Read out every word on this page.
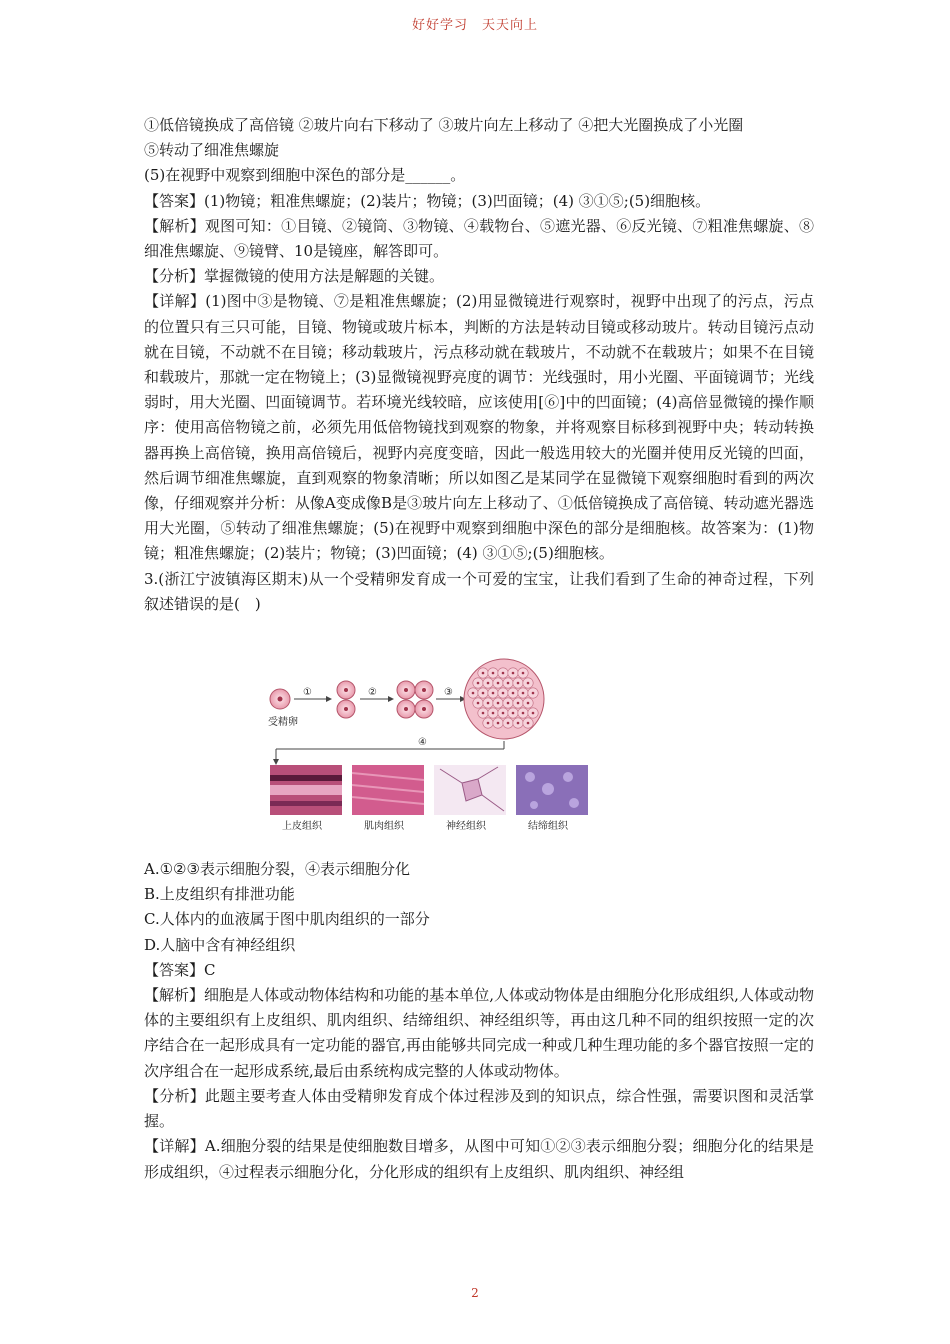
好好学习　天天向上

①低倍镜换成了高倍镜 ②玻片向右下移动了 ③玻片向左上移动了 ④把大光圈换成了小光圈

⑤转动了细准焦螺旋

(5)在视野中观察到细胞中深色的部分是______。

【答案】(1)物镜；粗准焦螺旋；(2)装片；物镜；(3)凹面镜；(4) ③①⑤;(5)细胞核。

【解析】观图可知：①目镜、②镜筒、③物镜、④载物台、⑤遮光器、⑥反光镜、⑦粗准焦螺旋、⑧细准焦螺旋、⑨镜臂、10是镜座，解答即可。

【分析】掌握微镜的使用方法是解题的关键。

【详解】(1)图中③是物镜、⑦是粗准焦螺旋；(2)用显微镜进行观察时，视野中出现了的污点，污点的位置只有三只可能，目镜、物镜或玻片标本，判断的方法是转动目镜或移动玻片。转动目镜污点动就在目镜，不动就不在目镜；移动载玻片，污点移动就在载玻片，不动就不在载玻片；如果不在目镜和载玻片，那就一定在物镜上；(3)显微镜视野亮度的调节：光线强时，用小光圈、平面镜调节；光线弱时，用大光圈、凹面镜调节。若环境光线较暗，应该使用[⑥]中的凹面镜；(4)高倍显微镜的操作顺序：使用高倍物镜之前，必须先用低倍物镜找到观察的物象，并将观察目标移到视野中央；转动转换器再换上高倍镜，换用高倍镜后，视野内亮度变暗，因此一般选用较大的光圈并使用反光镜的凹面，然后调节细准焦螺旋，直到观察的物象清晰；所以如图乙是某同学在显微镜下观察细胞时看到的两次像，仔细观察并分析：从像A变成像B是③玻片向左上移动了、①低倍镜换成了高倍镜、转动遮光器选用大光圈，⑤转动了细准焦螺旋；(5)在视野中观察到细胞中深色的部分是细胞核。故答案为：(1)物镜；粗准焦螺旋；(2)装片；物镜；(3)凹面镜；(4) ③①⑤;(5)细胞核。

3.(浙江宁波镇海区期末)从一个受精卵发育成一个可爱的宝宝，让我们看到了生命的神奇过程，下列叙述错误的是(　)

受精卵
①	②	③
④
上皮组织	肌肉组织	神经组织	结缔组织

A.①②③表示细胞分裂，④表示细胞分化

B.上皮组织有排泄功能

C.人体内的血液属于图中肌肉组织的一部分

D.人脑中含有神经组织

【答案】C

【解析】细胞是人体或动物体结构和功能的基本单位,人体或动物体是由细胞分化形成组织,人体或动物体的主要组织有上皮组织、肌肉组织、结缔组织、神经组织等，再由这几种不同的组织按照一定的次序结合在一起形成具有一定功能的器官,再由能够共同完成一种或几种生理功能的多个器官按照一定的次序组合在一起形成系统,最后由系统构成完整的人体或动物体。

【分析】此题主要考查人体由受精卵发育成个体过程涉及到的知识点，综合性强，需要识图和灵活掌握。

【详解】A.细胞分裂的结果是使细胞数目增多，从图中可知①②③表示细胞分裂；细胞分化的结果是形成组织，④过程表示细胞分化，分化形成的组织有上皮组织、肌肉组织、神经组

2
